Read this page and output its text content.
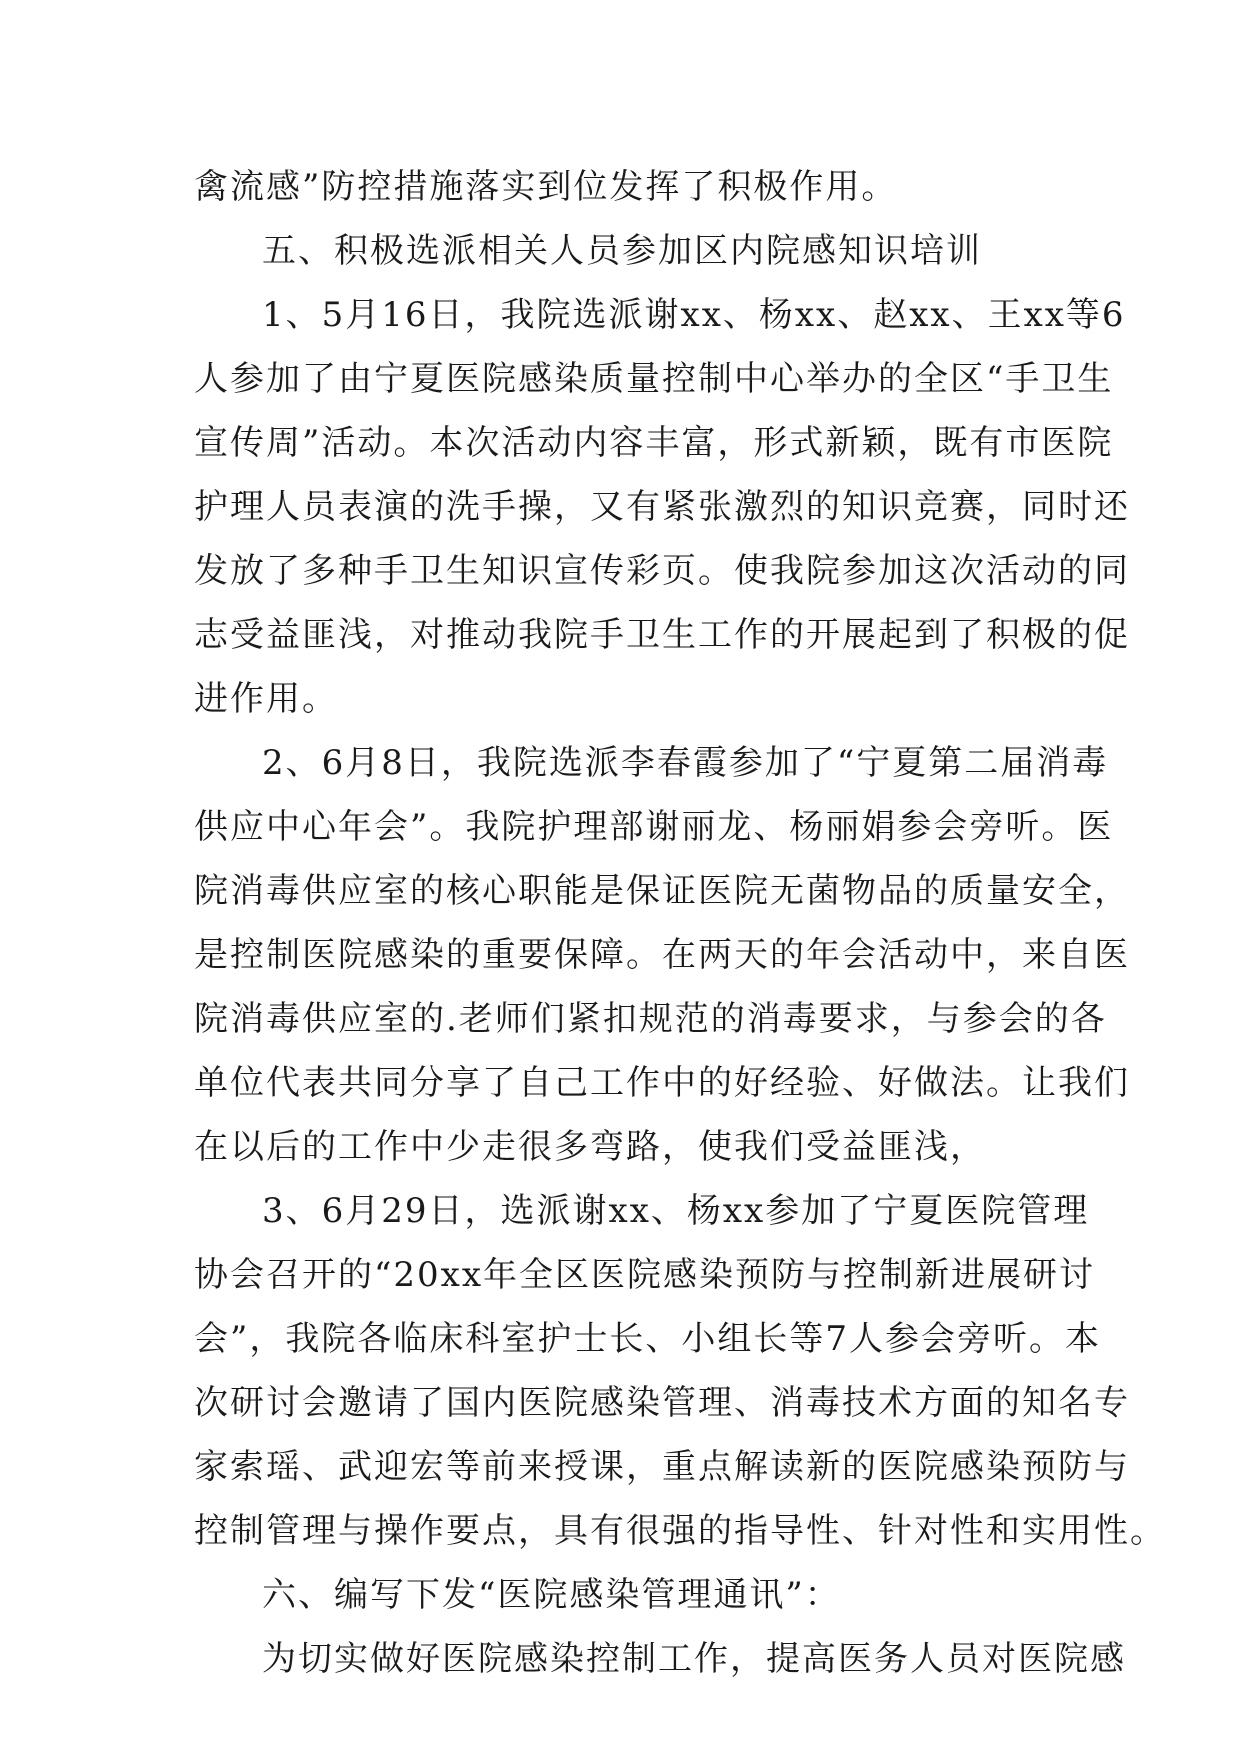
禽流感”防控措施落实到位发挥了积极作用。
五、积极选派相关人员参加区内院感知识培训
1、5月16日，我院选派谢xx、杨xx、赵xx、王xx等6
人参加了由宁夏医院感染质量控制中心举办的全区“手卫生
宣传周”活动。本次活动内容丰富，形式新颖，既有市医院
护理人员表演的洗手操，又有紧张激烈的知识竞赛，同时还
发放了多种手卫生知识宣传彩页。使我院参加这次活动的同
志受益匪浅，对推动我院手卫生工作的开展起到了积极的促
进作用。
2、6月8日，我院选派李春霞参加了“宁夏第二届消毒
供应中心年会”。我院护理部谢丽龙、杨丽娟参会旁听。医
院消毒供应室的核心职能是保证医院无菌物品的质量安全，
是控制医院感染的重要保障。在两天的年会活动中，来自医
院消毒供应室的.老师们紧扣规范的消毒要求，与参会的各
单位代表共同分享了自己工作中的好经验、好做法。让我们
在以后的工作中少走很多弯路，使我们受益匪浅，
3、6月29日，选派谢xx、杨xx参加了宁夏医院管理
协会召开的“20xx年全区医院感染预防与控制新进展研讨
会”，我院各临床科室护士长、小组长等7人参会旁听。本
次研讨会邀请了国内医院感染管理、消毒技术方面的知名专
家索瑶、武迎宏等前来授课，重点解读新的医院感染预防与
控制管理与操作要点，具有很强的指导性、针对性和实用性。
六、编写下发“医院感染管理通讯”：
为切实做好医院感染控制工作，提高医务人员对医院感
